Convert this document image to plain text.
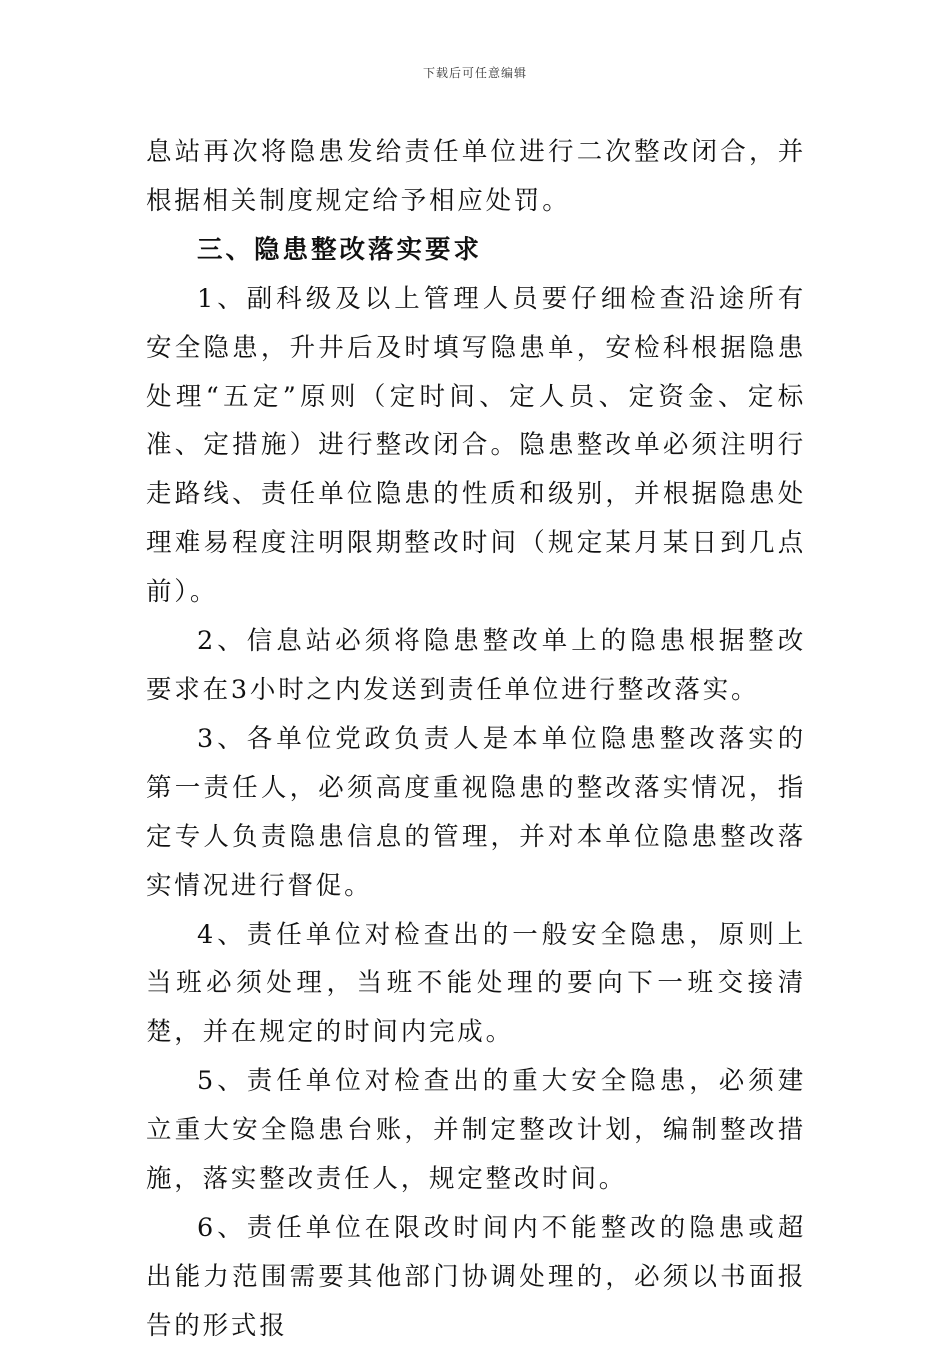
下载后可任意编辑

息站再次将隐患发给责任单位进行二次整改闭合，并根据相关制度规定给予相应处罚。

三、隐患整改落实要求

1、副科级及以上管理人员要仔细检查沿途所有安全隐患，升井后及时填写隐患单，安检科根据隐患处理“五定”原则（定时间、定人员、定资金、定标准、定措施）进行整改闭合。隐患整改单必须注明行走路线、责任单位隐患的性质和级别，并根据隐患处理难易程度注明限期整改时间（规定某月某日到几点前）。

2、信息站必须将隐患整改单上的隐患根据整改要求在3小时之内发送到责任单位进行整改落实。

3、各单位党政负责人是本单位隐患整改落实的第一责任人，必须高度重视隐患的整改落实情况，指定专人负责隐患信息的管理，并对本单位隐患整改落实情况进行督促。

4、责任单位对检查出的一般安全隐患，原则上当班必须处理，当班不能处理的要向下一班交接清楚，并在规定的时间内完成。

5、责任单位对检查出的重大安全隐患，必须建立重大安全隐患台账，并制定整改计划，编制整改措施，落实整改责任人，规定整改时间。

6、责任单位在限改时间内不能整改的隐患或超出能力范围需要其他部门协调处理的，必须以书面报告的形式报
